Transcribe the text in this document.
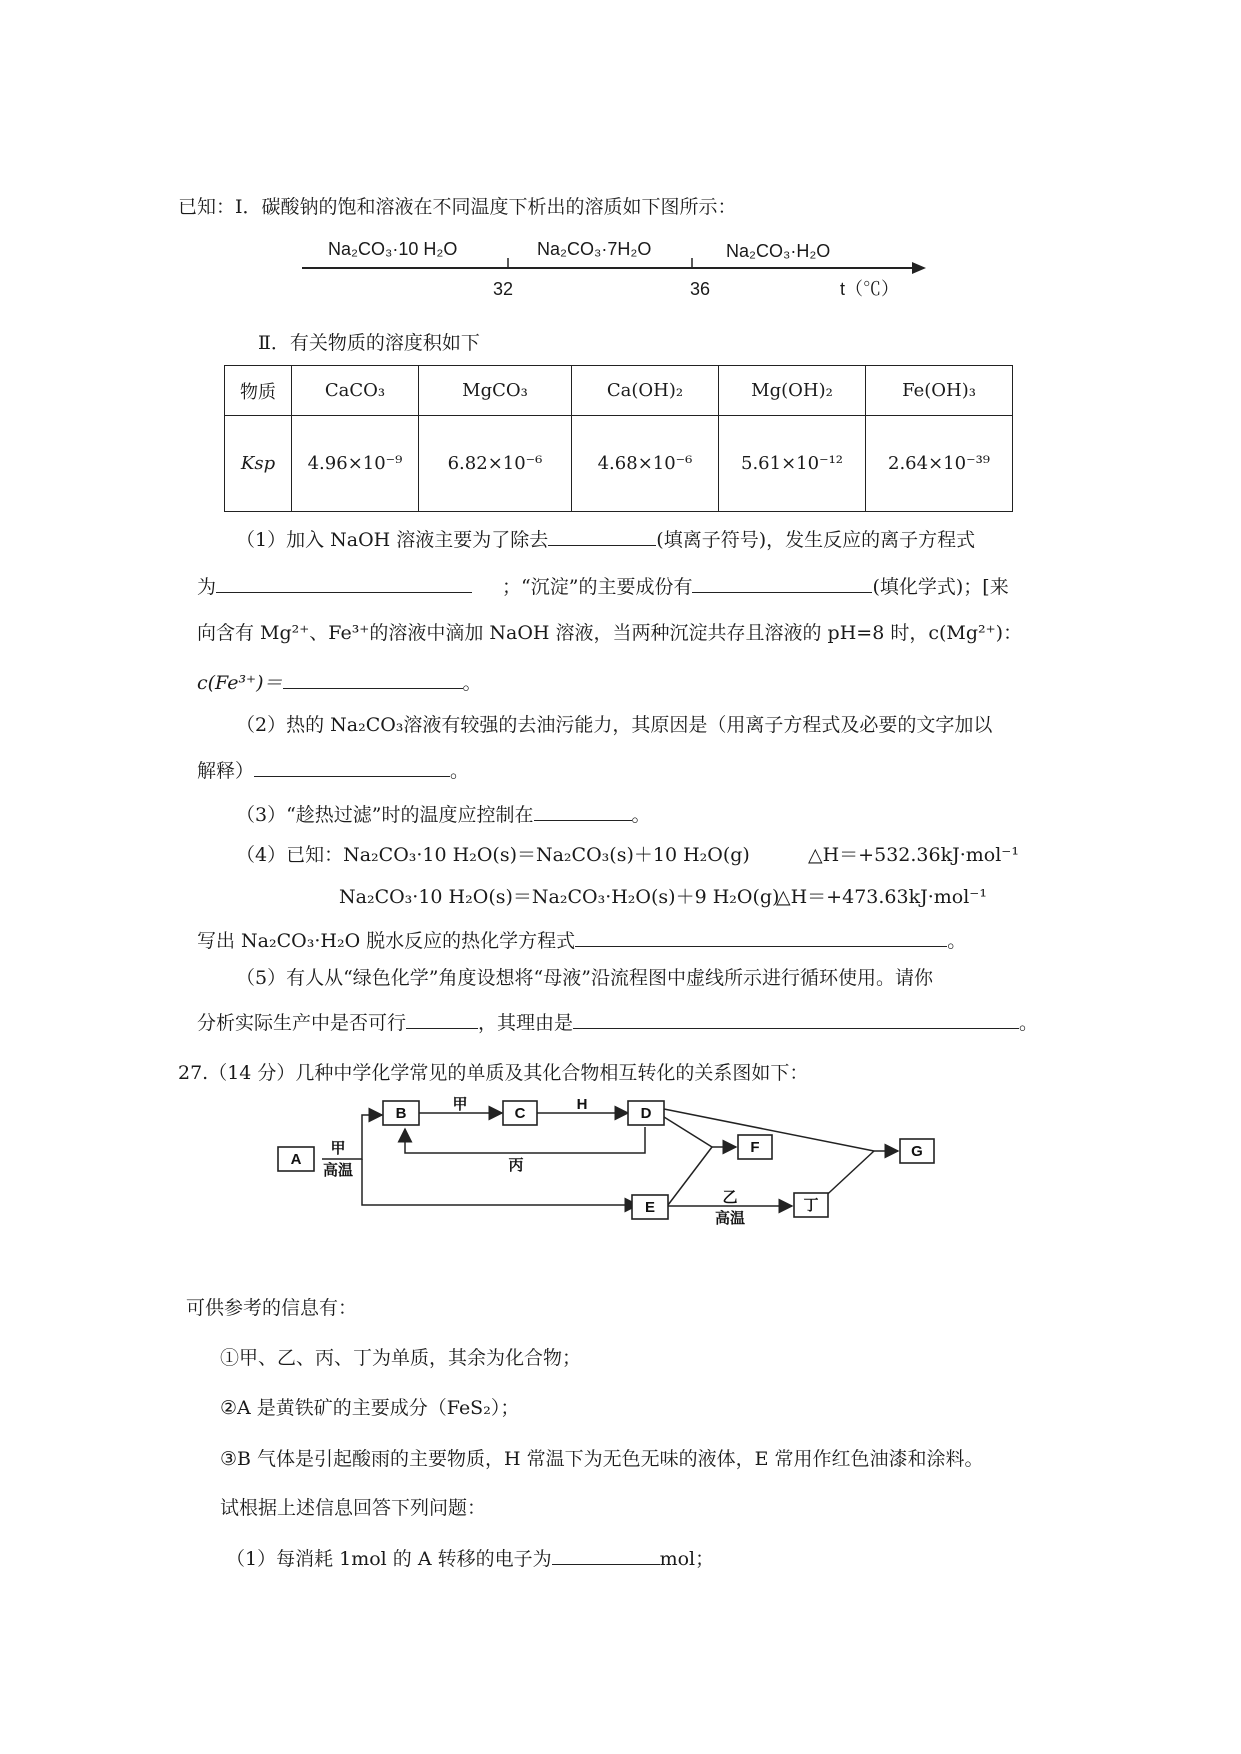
已知：Ⅰ．碳酸钠的饱和溶液在不同温度下析出的溶质如下图所示：
Na₂CO₃·10 H₂O	Na₂CO₃·7H₂O	Na₂CO₃·H₂O
32	36	t（℃）
Ⅱ．有关物质的溶度积如下
物质	CaCO₃	MgCO₃	Ca(OH)₂	Mg(OH)₂	Fe(OH)₃
Ksp	4.96×10⁻⁹	6.82×10⁻⁶	4.68×10⁻⁶	5.61×10⁻¹²	2.64×10⁻³⁹
（1）加入 NaOH 溶液主要为了除去	(填离子符号)，发生反应的离子方程式
为	；“沉淀”的主要成份有	(填化学式)；[来
向含有 Mg²⁺、Fe³⁺的溶液中滴加 NaOH 溶液，当两种沉淀共存且溶液的 pH=8 时，c(Mg²⁺)：
c(Fe³⁺)＝	。
（2）热的 Na₂CO₃溶液有较强的去油污能力，其原因是（用离子方程式及必要的文字加以
解释）	。
（3）“趁热过滤”时的温度应控制在	。
（4）已知：Na₂CO₃·10 H₂O(s)＝Na₂CO₃(s)＋10 H₂O(g)	△H＝+532.36kJ·mol⁻¹
Na₂CO₃·10 H₂O(s)＝Na₂CO₃·H₂O(s)＋9 H₂O(g)
△H＝+473.63kJ·mol⁻¹
写出 Na₂CO₃·H₂O 脱水反应的热化学方程式	。
（5）有人从“绿色化学”角度设想将“母液”沿流程图中虚线所示进行循环使用。请你
分析实际生产中是否可行	，其理由是	。
27.（14 分）几种中学化学常见的单质及其化合物相互转化的关系图如下：
A
B	C	D
F	G
E	丁
甲
高温
甲	H
丙
乙
高温
可供参考的信息有：
①甲、乙、丙、丁为单质，其余为化合物；
②A 是黄铁矿的主要成分（FeS₂）；
③B 气体是引起酸雨的主要物质，H 常温下为无色无味的液体，E 常用作红色油漆和涂料。
试根据上述信息回答下列问题：
（1）每消耗 1mol 的 A 转移的电子为	mol；
